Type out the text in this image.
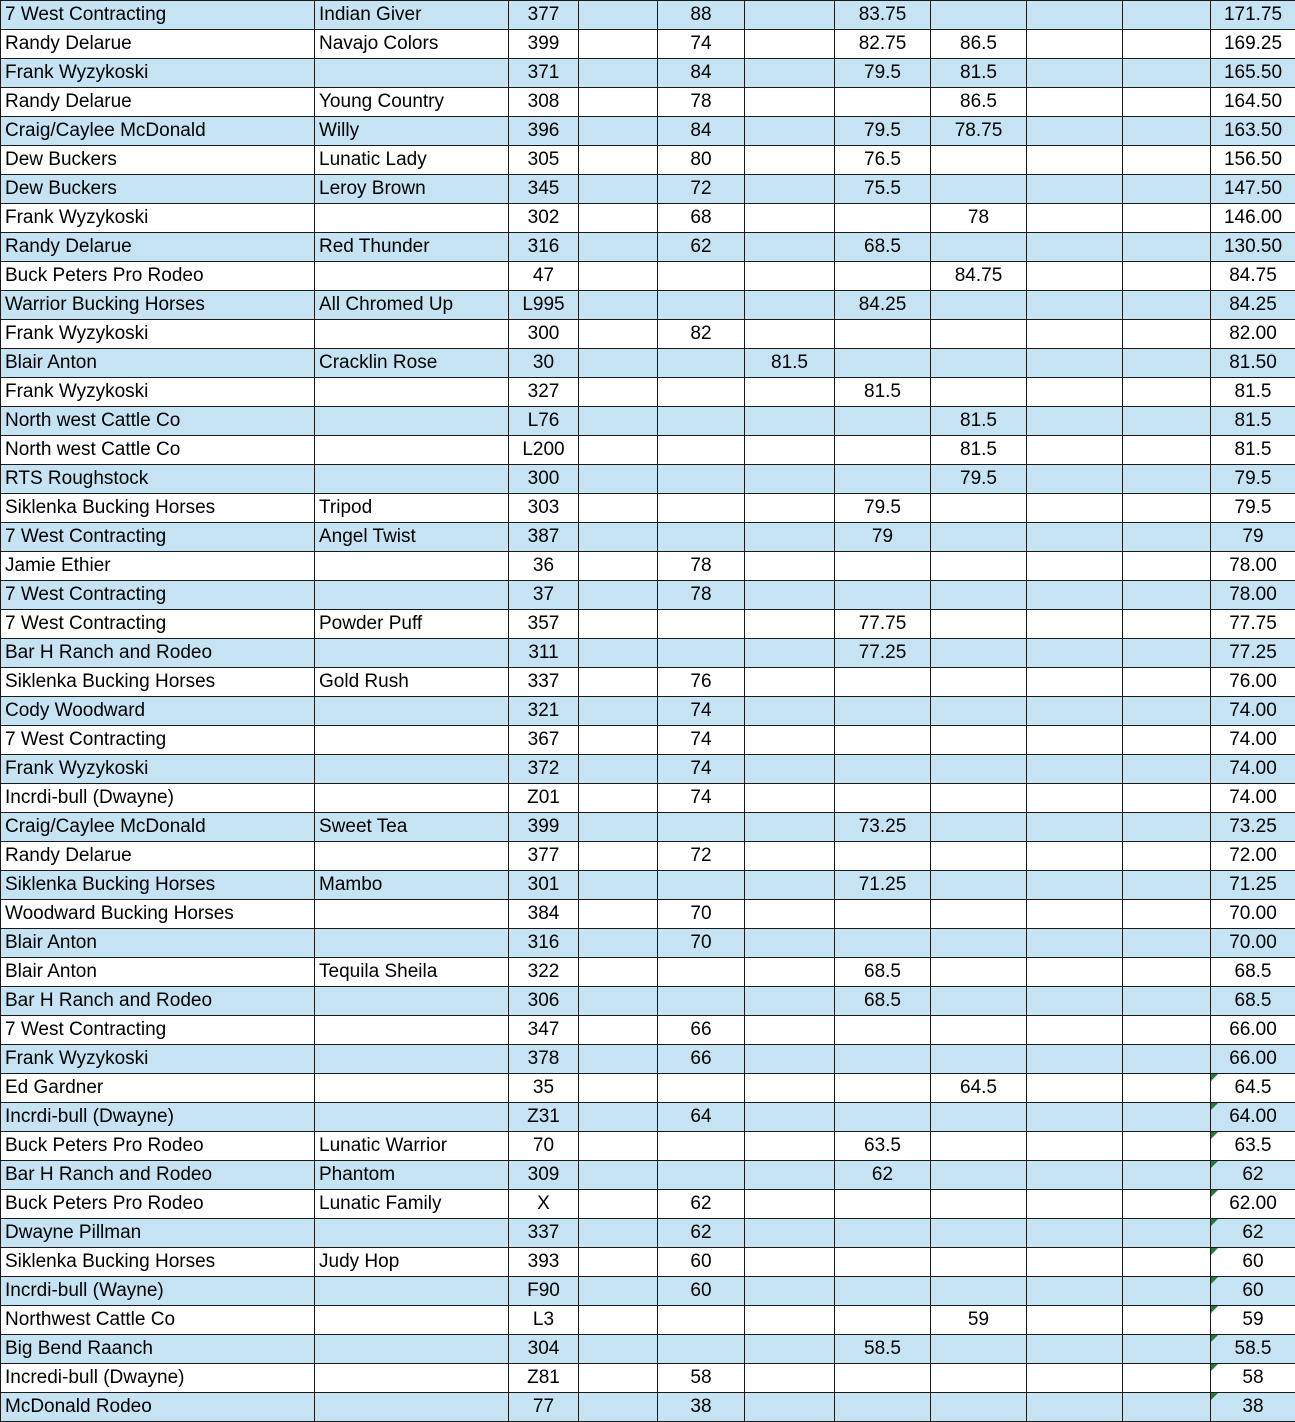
7 West Contracting	Indian Giver	377		88		83.75				171.75
Randy Delarue	Navajo Colors	399		74		82.75	86.5			169.25
Frank Wyzykoski		371		84		79.5	81.5			165.50
Randy Delarue	Young Country	308		78			86.5			164.50
Craig/Caylee McDonald	Willy	396		84		79.5	78.75			163.50
Dew Buckers	Lunatic Lady	305		80		76.5				156.50
Dew Buckers	Leroy Brown	345		72		75.5				147.50
Frank Wyzykoski		302		68			78			146.00
Randy Delarue	Red Thunder	316		62		68.5				130.50
Buck Peters Pro Rodeo		47					84.75			84.75
Warrior Bucking Horses	All Chromed Up	L995				84.25				84.25
Frank Wyzykoski		300		82						82.00
Blair Anton	Cracklin Rose	30			81.5					81.50
Frank Wyzykoski		327				81.5				81.5
North west Cattle Co		L76					81.5			81.5
North west Cattle Co		L200					81.5			81.5
RTS Roughstock		300					79.5			79.5
Siklenka Bucking Horses	Tripod	303				79.5				79.5
7 West Contracting	Angel Twist	387				79				79
Jamie Ethier		36		78						78.00
7 West Contracting		37		78						78.00
7 West Contracting	Powder Puff	357				77.75				77.75
Bar H Ranch and Rodeo		311				77.25				77.25
Siklenka Bucking Horses	Gold Rush	337		76						76.00
Cody Woodward		321		74						74.00
7 West Contracting		367		74						74.00
Frank Wyzykoski		372		74						74.00
Incrdi-bull (Dwayne)		Z01		74						74.00
Craig/Caylee McDonald	Sweet Tea	399				73.25				73.25
Randy Delarue		377		72						72.00
Siklenka Bucking Horses	Mambo	301				71.25				71.25
Woodward Bucking Horses		384		70						70.00
Blair Anton		316		70						70.00
Blair Anton	Tequila Sheila	322				68.5				68.5
Bar H Ranch and Rodeo		306				68.5				68.5
7 West Contracting		347		66						66.00
Frank Wyzykoski		378		66						66.00
Ed Gardner		35					64.5			64.5
Incrdi-bull (Dwayne)		Z31		64						64.00
Buck Peters Pro Rodeo	Lunatic Warrior	70				63.5				63.5
Bar H Ranch and Rodeo	Phantom	309				62				62
Buck Peters Pro Rodeo	Lunatic Family	X		62						62.00
Dwayne Pillman		337		62						62
Siklenka Bucking Horses	Judy Hop	393		60						60
Incrdi-bull (Wayne)		F90		60						60
Northwest Cattle Co		L3					59			59
Big Bend Raanch		304				58.5				58.5
Incredi-bull (Dwayne)		Z81		58						58
McDonald Rodeo		77		38						38
